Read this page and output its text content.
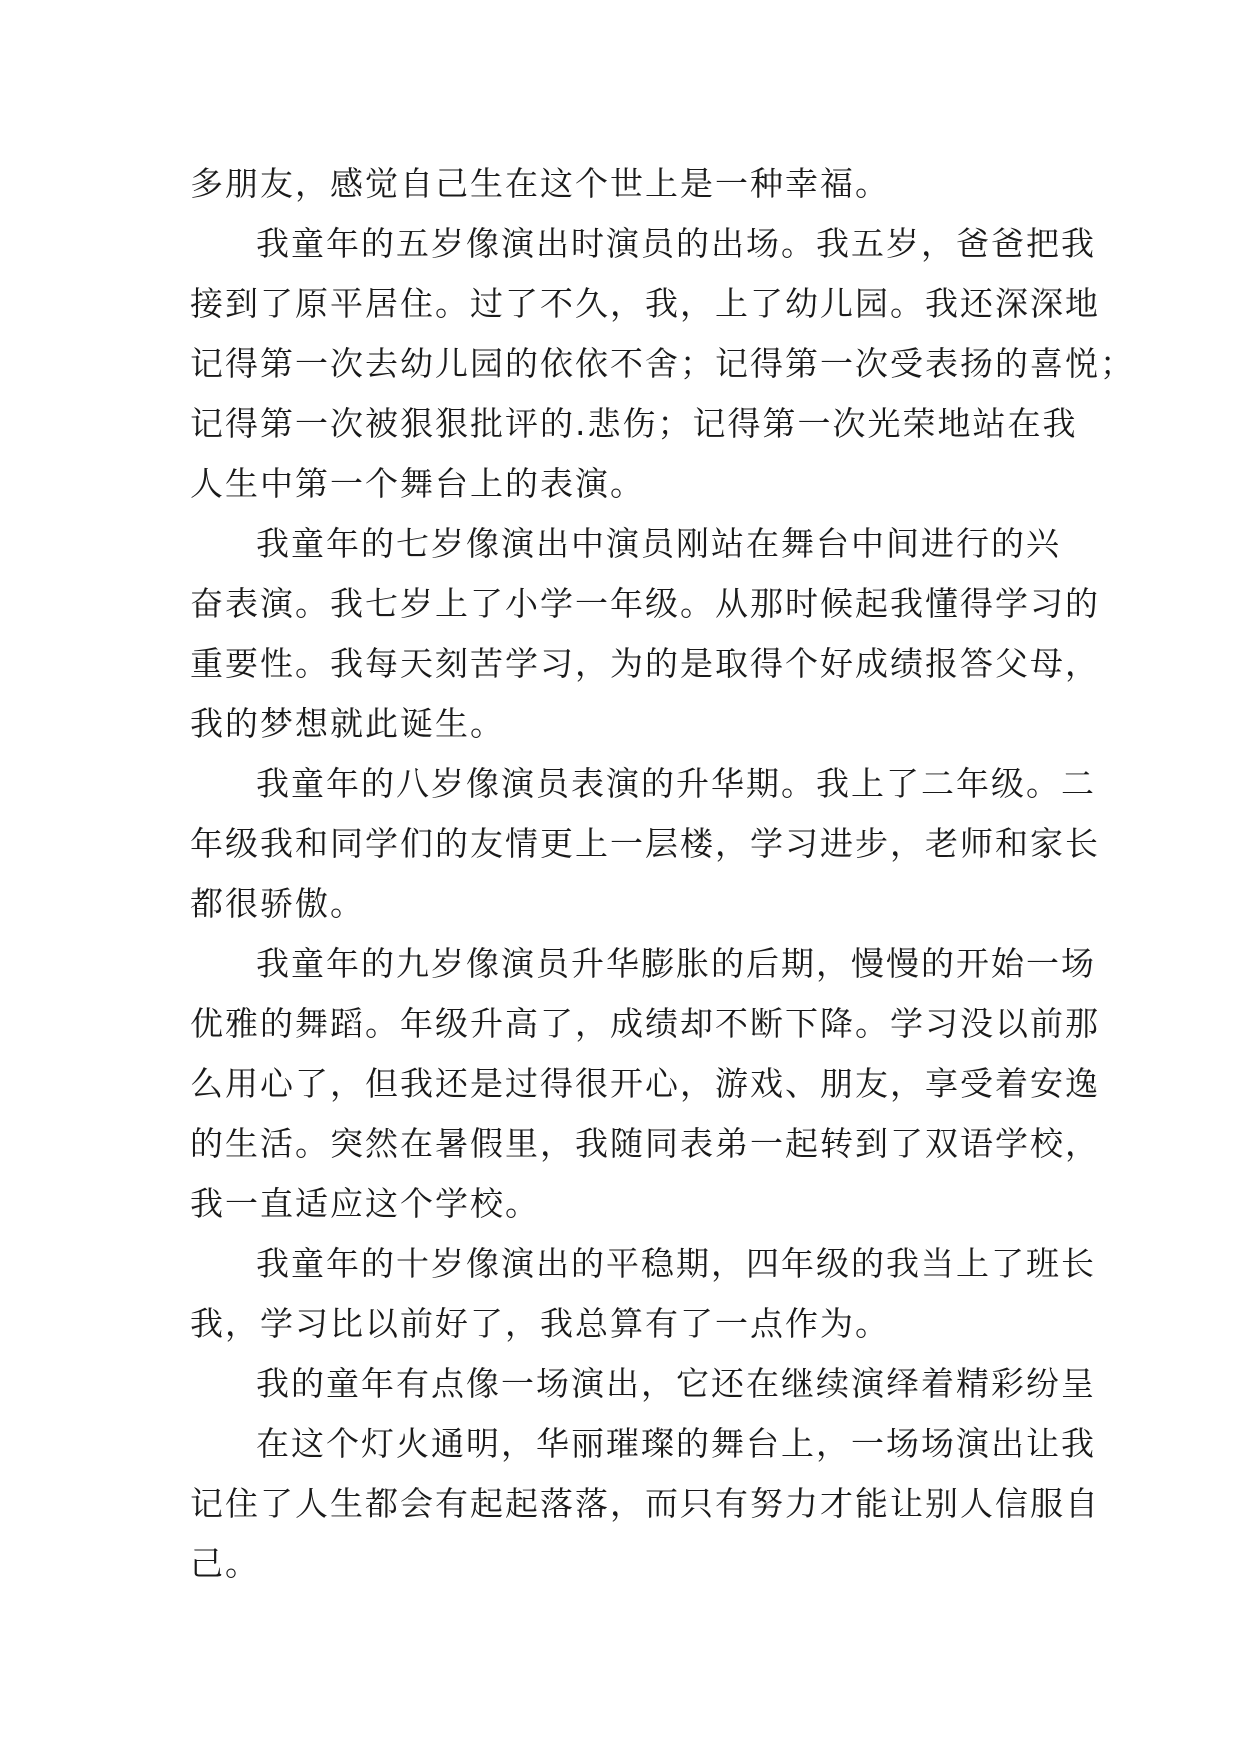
多朋友，感觉自己生在这个世上是一种幸福。
我童年的五岁像演出时演员的出场。我五岁，爸爸把我
接到了原平居住。过了不久，我，上了幼儿园。我还深深地
记得第一次去幼儿园的依依不舍；记得第一次受表扬的喜悦；
记得第一次被狠狠批评的.悲伤；记得第一次光荣地站在我
人生中第一个舞台上的表演。
我童年的七岁像演出中演员刚站在舞台中间进行的兴
奋表演。我七岁上了小学一年级。从那时候起我懂得学习的
重要性。我每天刻苦学习，为的是取得个好成绩报答父母，
我的梦想就此诞生。
我童年的八岁像演员表演的升华期。我上了二年级。二
年级我和同学们的友情更上一层楼，学习进步，老师和家长
都很骄傲。
我童年的九岁像演员升华膨胀的后期，慢慢的开始一场
优雅的舞蹈。年级升高了，成绩却不断下降。学习没以前那
么用心了，但我还是过得很开心，游戏、朋友，享受着安逸
的生活。突然在暑假里，我随同表弟一起转到了双语学校，
我一直适应这个学校。
我童年的十岁像演出的平稳期，四年级的我当上了班长
我，学习比以前好了，我总算有了一点作为。
我的童年有点像一场演出，它还在继续演绎着精彩纷呈
在这个灯火通明，华丽璀璨的舞台上，一场场演出让我
记住了人生都会有起起落落，而只有努力才能让别人信服自
己。
